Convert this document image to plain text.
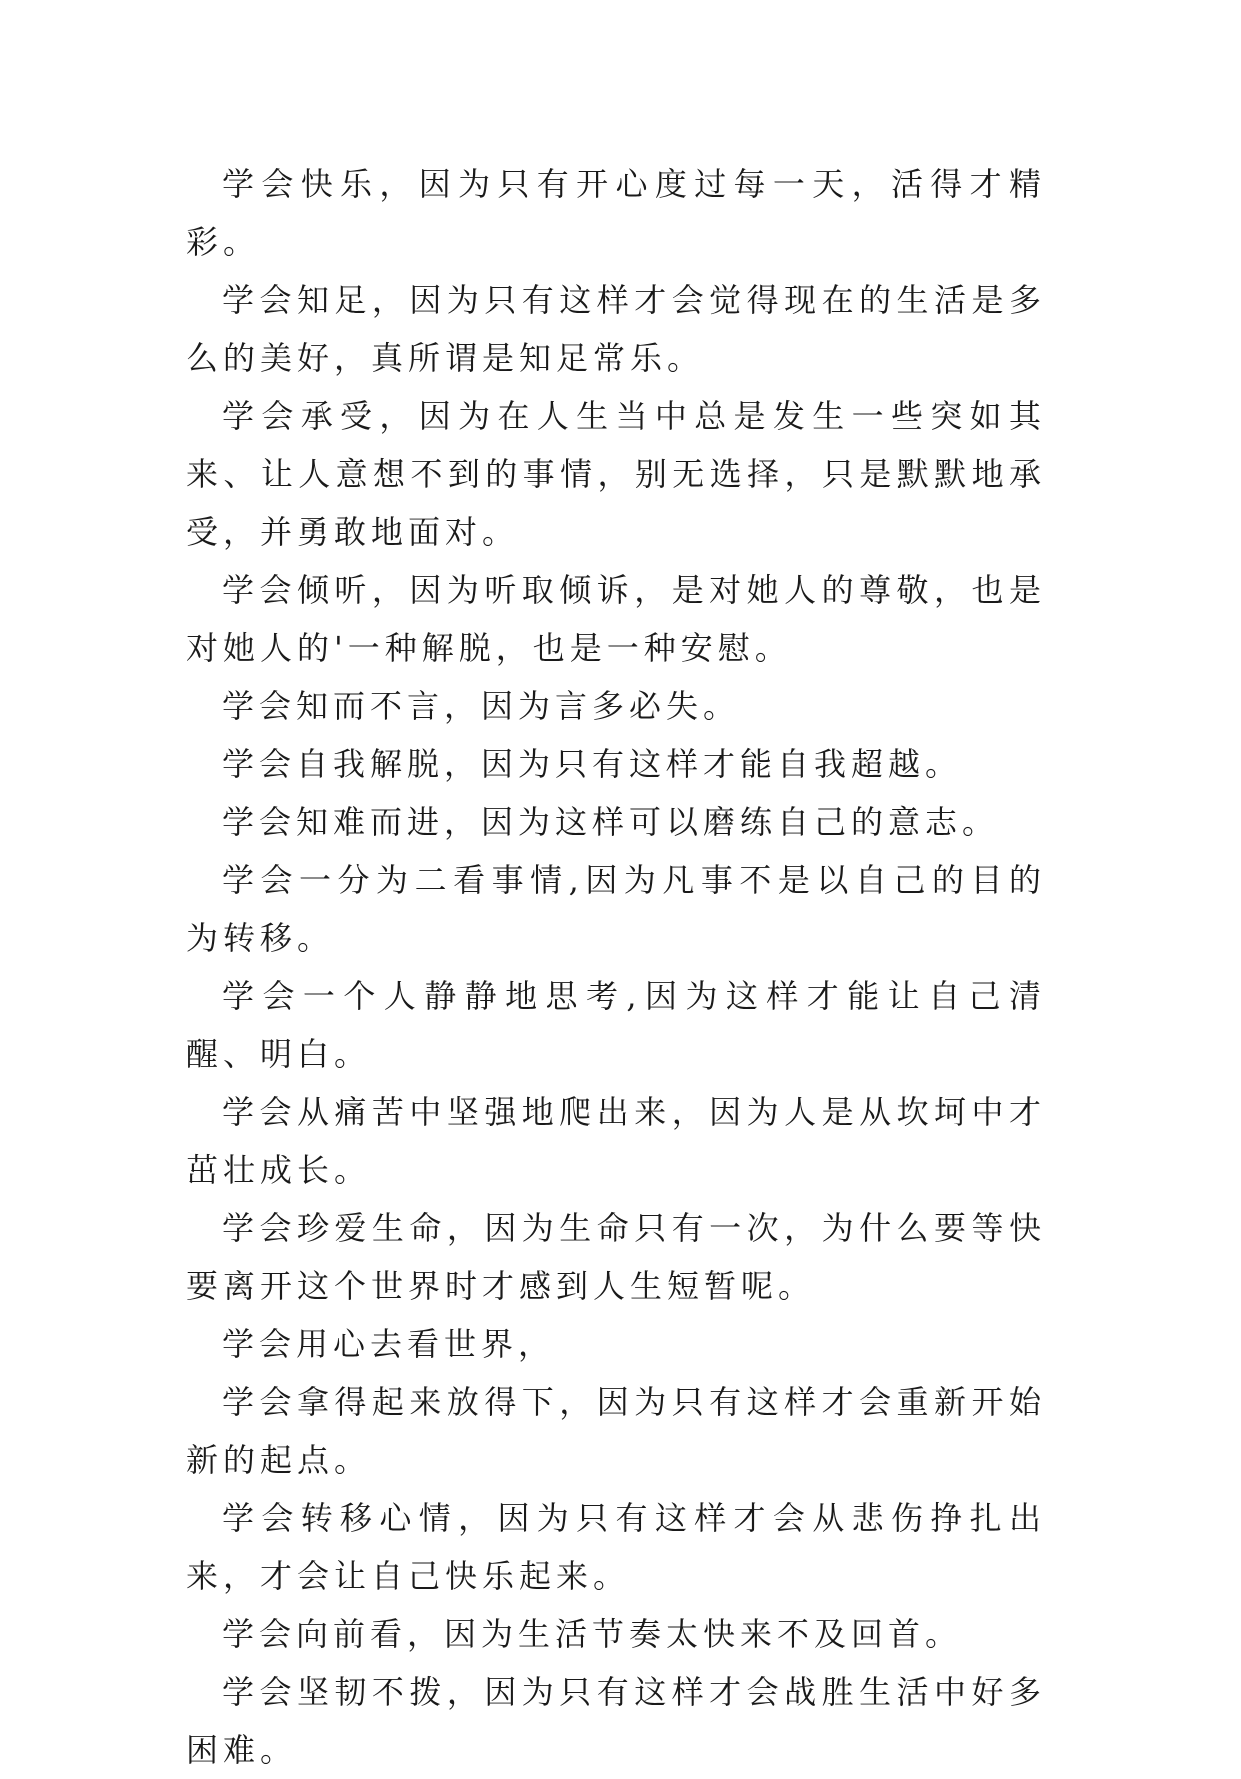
学会快乐，因为只有开心度过每一天，活得才精彩。

学会知足，因为只有这样才会觉得现在的生活是多么的美好，真所谓是知足常乐。

学会承受，因为在人生当中总是发生一些突如其来、让人意想不到的事情，别无选择，只是默默地承受，并勇敢地面对。

学会倾听，因为听取倾诉，是对她人的尊敬，也是对她人的'一种解脱，也是一种安慰。

学会知而不言，因为言多必失。

学会自我解脱，因为只有这样才能自我超越。

学会知难而进，因为这样可以磨练自己的意志。

学会一分为二看事情,因为凡事不是以自己的目的为转移。

学会一个人静静地思考,因为这样才能让自己清醒、明白。

学会从痛苦中坚强地爬出来，因为人是从坎坷中才茁壮成长。

学会珍爱生命，因为生命只有一次，为什么要等快要离开这个世界时才感到人生短暂呢。

学会用心去看世界，

学会拿得起来放得下，因为只有这样才会重新开始新的起点。

学会转移心情，因为只有这样才会从悲伤挣扎出来，才会让自己快乐起来。

学会向前看，因为生活节奏太快来不及回首。

学会坚韧不拨，因为只有这样才会战胜生活中好多困难。
